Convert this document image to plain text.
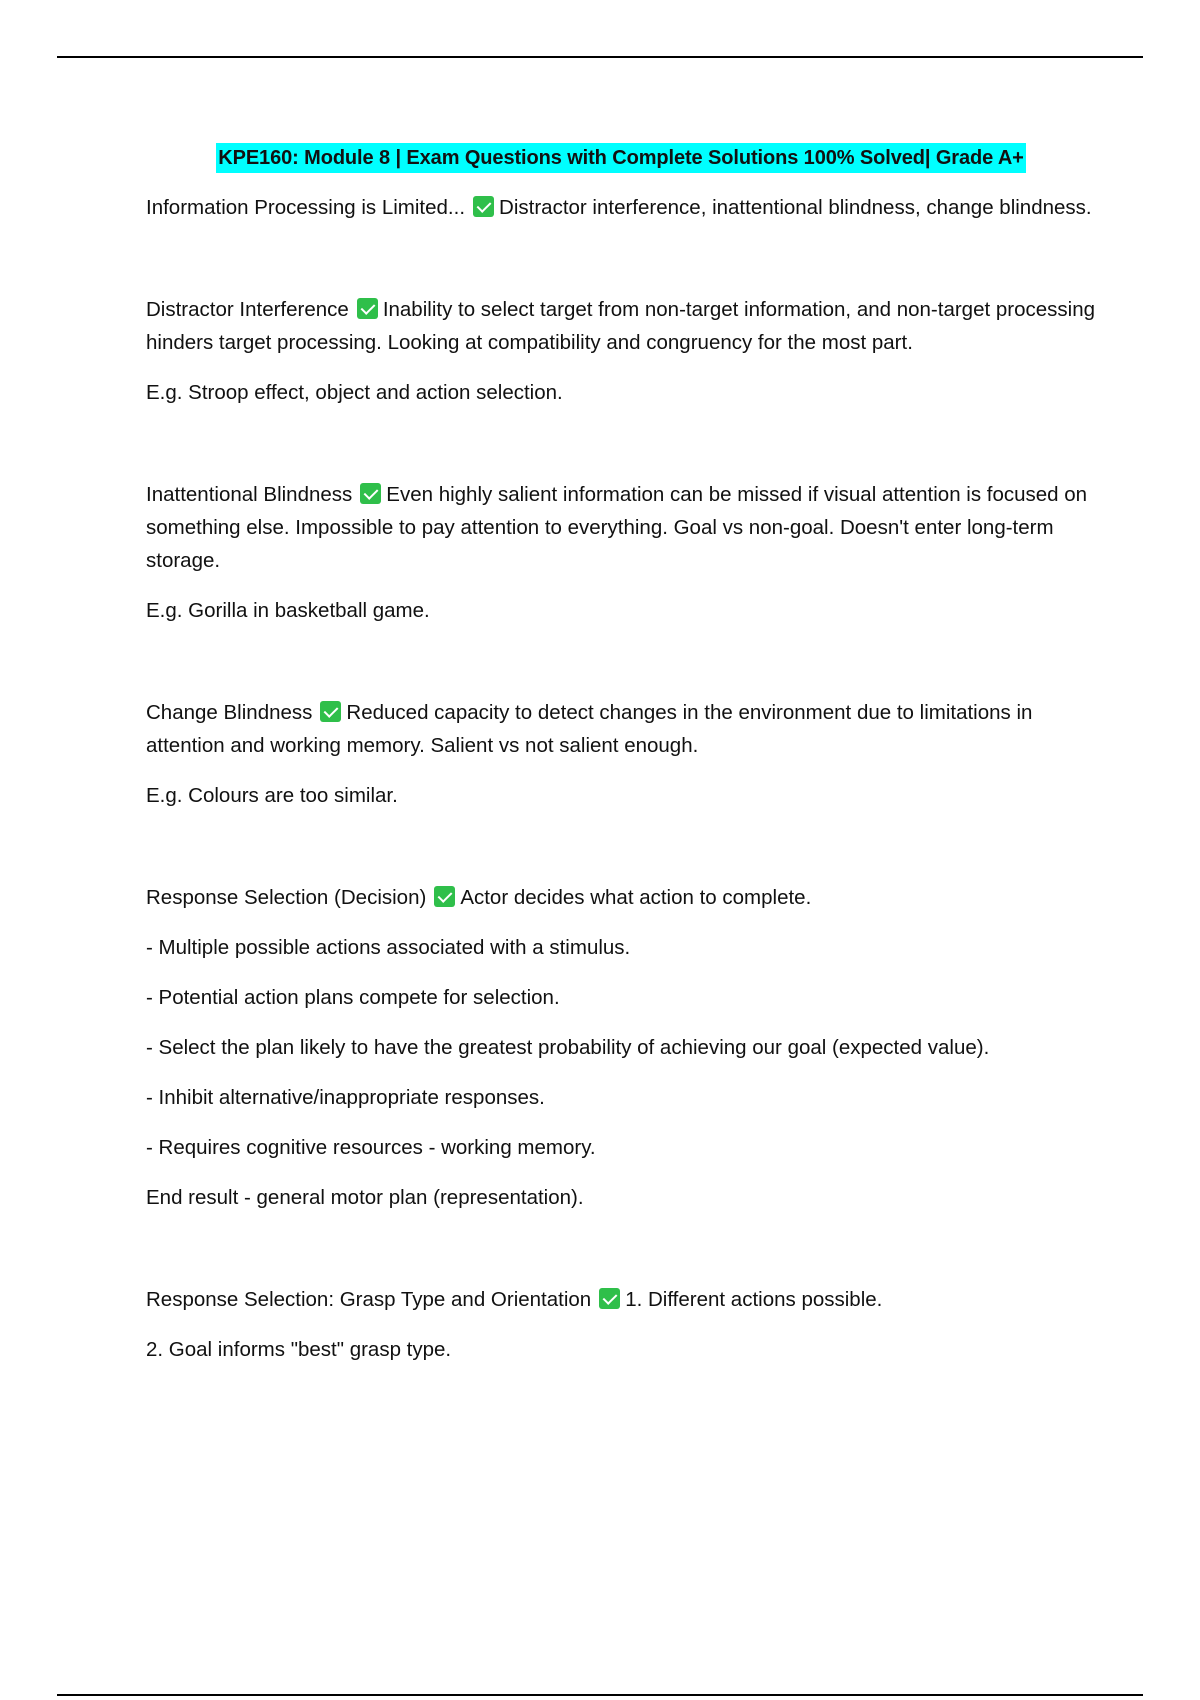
KPE160: Module 8 | Exam Questions with Complete Solutions 100% Solved| Grade A+

Information Processing is Limited... Distractor interference, inattentional blindness, change blindness.

Distractor Interference Inability to select target from non-target information, and non-target processing hinders target processing. Looking at compatibility and congruency for the most part.

E.g. Stroop effect, object and action selection.

Inattentional Blindness Even highly salient information can be missed if visual attention is focused on something else. Impossible to pay attention to everything. Goal vs non-goal. Doesn't enter long-term storage.

E.g. Gorilla in basketball game.

Change Blindness Reduced capacity to detect changes in the environment due to limitations in attention and working memory. Salient vs not salient enough.

E.g. Colours are too similar.

Response Selection (Decision) Actor decides what action to complete.

- Multiple possible actions associated with a stimulus.

- Potential action plans compete for selection.

- Select the plan likely to have the greatest probability of achieving our goal (expected value).

- Inhibit alternative/inappropriate responses.

- Requires cognitive resources - working memory.

End result - general motor plan (representation).

Response Selection: Grasp Type and Orientation 1. Different actions possible.

2. Goal informs "best" grasp type.
